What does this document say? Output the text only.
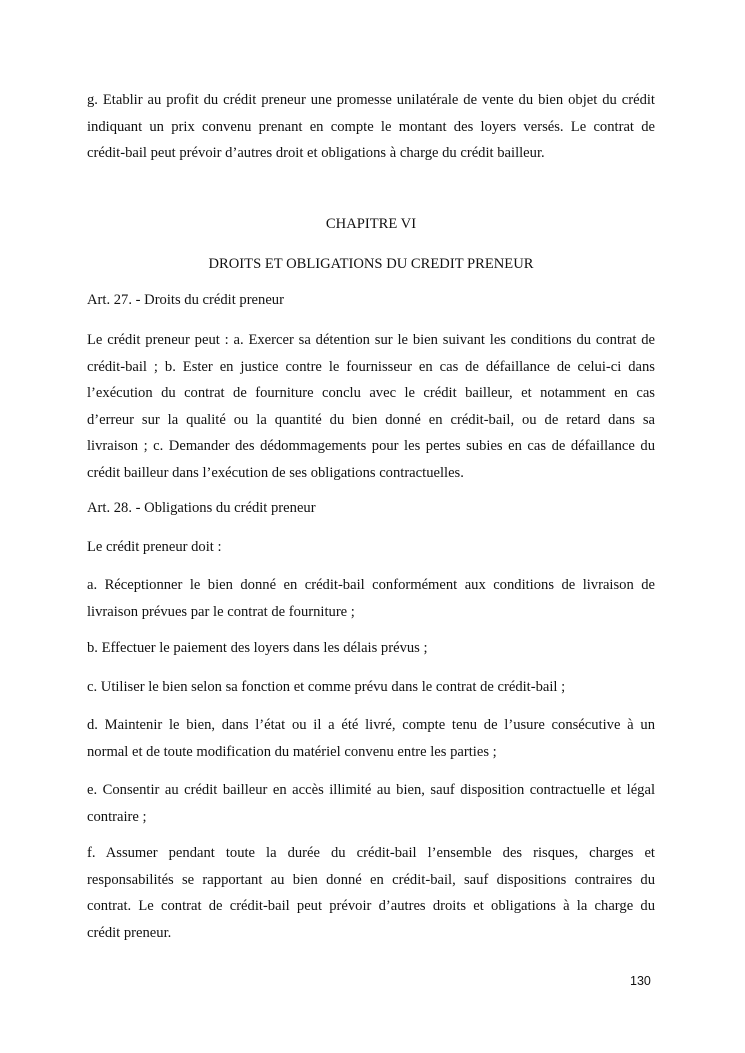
g. Etablir au profit du crédit preneur une promesse unilatérale de vente du bien objet du crédit
indiquant un prix convenu prenant en compte le montant des loyers versés. Le contrat de
crédit-bail peut prévoir d’autres droit et obligations à charge du crédit bailleur.
CHAPITRE VI
DROITS ET OBLIGATIONS DU CREDIT PRENEUR
Art. 27. - Droits du crédit preneur
Le crédit preneur peut : a. Exercer sa détention sur le bien suivant les conditions du contrat de
crédit-bail ; b. Ester en justice contre le fournisseur en cas de défaillance de celui-ci dans
l’exécution du contrat de fourniture conclu avec le crédit bailleur, et notamment en cas
d’erreur sur la qualité ou la quantité du bien donné en crédit-bail, ou de retard dans sa
livraison ; c. Demander des dédommagements pour les pertes subies en cas de défaillance du
crédit bailleur dans l’exécution de ses obligations contractuelles.
Art. 28. - Obligations du crédit preneur
Le crédit preneur doit :
a. Réceptionner le bien donné en crédit-bail conformément aux conditions de livraison de
livraison prévues par le contrat de fourniture ;
b. Effectuer le paiement des loyers dans les délais prévus ;
c. Utiliser le bien selon sa fonction et comme prévu dans le contrat de crédit-bail ;
d. Maintenir le bien, dans l’état ou il a été livré, compte tenu de l’usure consécutive à un
normal et de toute modification du matériel convenu entre les parties ;
e. Consentir au crédit bailleur en accès illimité au bien, sauf disposition contractuelle et légal
contraire ;
f. Assumer pendant toute la durée du crédit-bail l’ensemble des risques, charges et
responsabilités se rapportant au bien donné en crédit-bail, sauf dispositions contraires du
contrat. Le contrat de crédit-bail peut prévoir d’autres droits et obligations à la charge du
crédit preneur.
130
